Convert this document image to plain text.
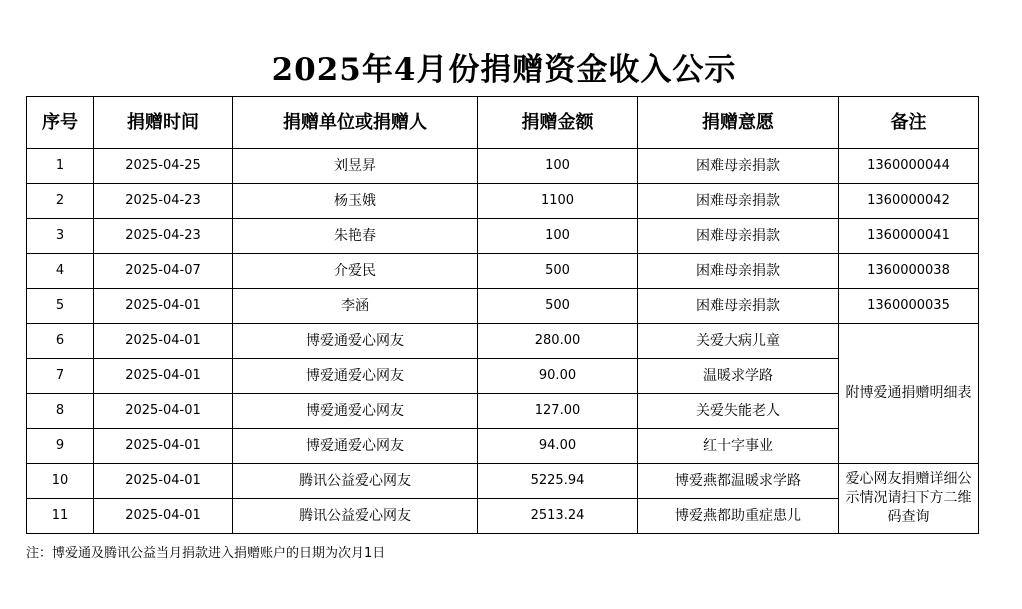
2025年4月份捐赠资金收入公示
序号	捐赠时间	捐赠单位或捐赠人	捐赠金额	捐赠意愿	备注
1	2025-04-25	刘昱昇	100	困难母亲捐款	1360000044
2	2025-04-23	杨玉娥	1100	困难母亲捐款	1360000042
3	2025-04-23	朱艳春	100	困难母亲捐款	1360000041
4	2025-04-07	介爱民	500	困难母亲捐款	1360000038
5	2025-04-01	李涵	500	困难母亲捐款	1360000035
6	2025-04-01	博爱通爱心网友	280.00	关爱大病儿童	附博爱通捐赠明细表
7	2025-04-01	博爱通爱心网友	90.00	温暖求学路	
8	2025-04-01	博爱通爱心网友	127.00	关爱失能老人	
9	2025-04-01	博爱通爱心网友	94.00	红十字事业	
10	2025-04-01	腾讯公益爱心网友	5225.94	博爱燕都温暖求学路	爱心网友捐赠详细公示情况请扫下方二维码查询
11	2025-04-01	腾讯公益爱心网友	2513.24	博爱燕都助重症患儿	
注：博爱通及腾讯公益当月捐款进入捐赠账户的日期为次月1日
